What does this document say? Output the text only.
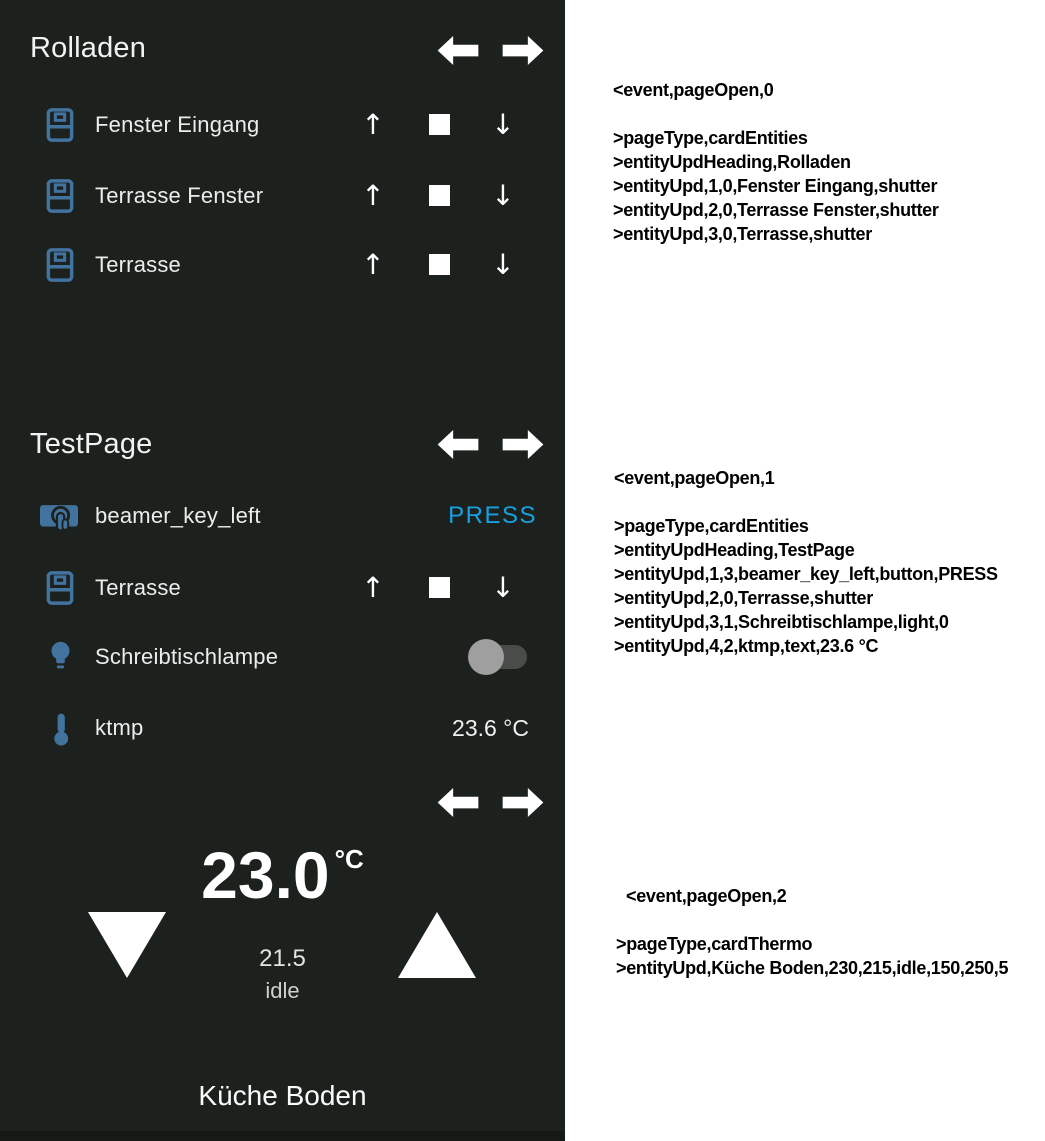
Rolladen
Fenster Eingang	↑	↓
Terrasse Fenster	↑	↓
Terrasse	↑	↓
TestPage
beamer_key_left	PRESS
Terrasse	↑	↓
Schreibtischlampe
ktmp	23.6 °C
23.0 $^{^\circ C}$
21.5
idle
Küche Boden
<event,pageOpen,0
>pageType,cardEntities
>entityUpdHeading,Rolladen
>entityUpd,1,0,Fenster Eingang,shutter
>entityUpd,2,0,Terrasse Fenster,shutter
>entityUpd,3,0,Terrasse,shutter
<event,pageOpen,1
>pageType,cardEntities
>entityUpdHeading,TestPage
>entityUpd,1,3,beamer_key_left,button,PRESS
>entityUpd,2,0,Terrasse,shutter
>entityUpd,3,1,Schreibtischlampe,light,0
>entityUpd,4,2,ktmp,text,23.6 °C
<event,pageOpen,2
>pageType,cardThermo
>entityUpd,Küche Boden,230,215,idle,150,250,5
